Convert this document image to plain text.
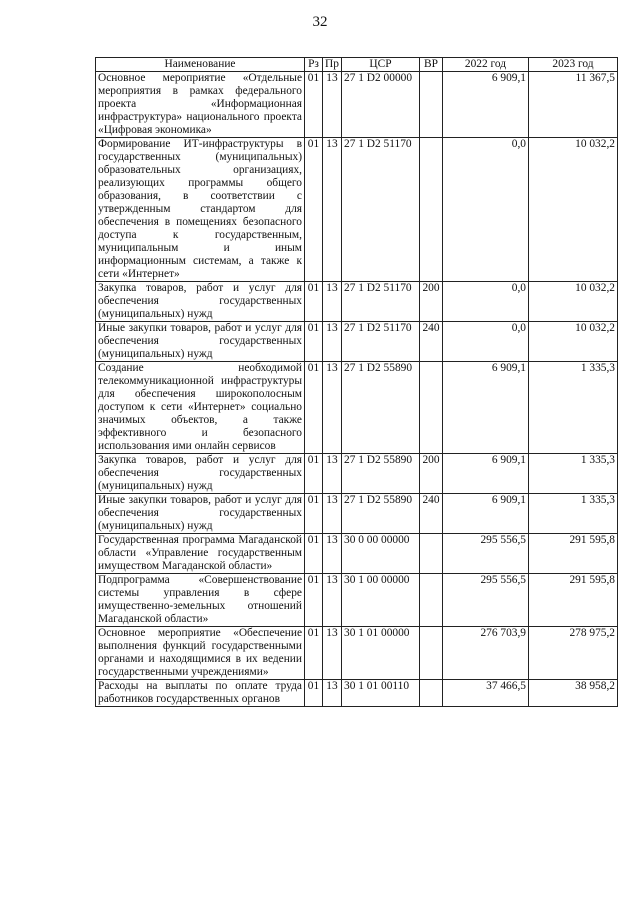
32
Наименование	Рз	Пр	ЦСР	ВР	2022 год	2023 год
Основное мероприятие «Отдельные мероприятия в рамках федерального проекта «Информационная инфраструктура» национального проекта «Цифровая экономика»	01	13	27 1 D2 00000		6 909,1	11 367,5
Формирование ИТ-инфраструктуры в государственных (муниципальных) образовательных организациях, реализующих программы общего образования, в соответствии с утвержденным стандартом для обеспечения в помещениях безопасного доступа к государственным, муниципальным и иным информационным системам, а также к сети «Интернет»	01	13	27 1 D2 51170		0,0	10 032,2
Закупка товаров, работ и услуг для обеспечения государственных (муниципальных) нужд	01	13	27 1 D2 51170	200	0,0	10 032,2
Иные закупки товаров, работ и услуг для обеспечения государственных (муниципальных) нужд	01	13	27 1 D2 51170	240	0,0	10 032,2
Создание необходимой телекоммуникационной инфраструктуры для обеспечения широкополосным доступом к сети «Интернет» социально значимых объектов, а также эффективного и безопасного использования ими онлайн сервисов	01	13	27 1 D2 55890		6 909,1	1 335,3
Закупка товаров, работ и услуг для обеспечения государственных (муниципальных) нужд	01	13	27 1 D2 55890	200	6 909,1	1 335,3
Иные закупки товаров, работ и услуг для обеспечения государственных (муниципальных) нужд	01	13	27 1 D2 55890	240	6 909,1	1 335,3
Государственная программа Магаданской области «Управление государственным имуществом Магаданской области»	01	13	30 0 00 00000		295 556,5	291 595,8
Подпрограмма «Совершенствование системы управления в сфере имущественно-земельных отношений Магаданской области»	01	13	30 1 00 00000		295 556,5	291 595,8
Основное мероприятие «Обеспечение выполнения функций государственными органами и находящимися в их ведении государственными учреждениями»	01	13	30 1 01 00000		276 703,9	278 975,2
Расходы на выплаты по оплате труда работников государственных органов	01	13	30 1 01 00110		37 466,5	38 958,2
